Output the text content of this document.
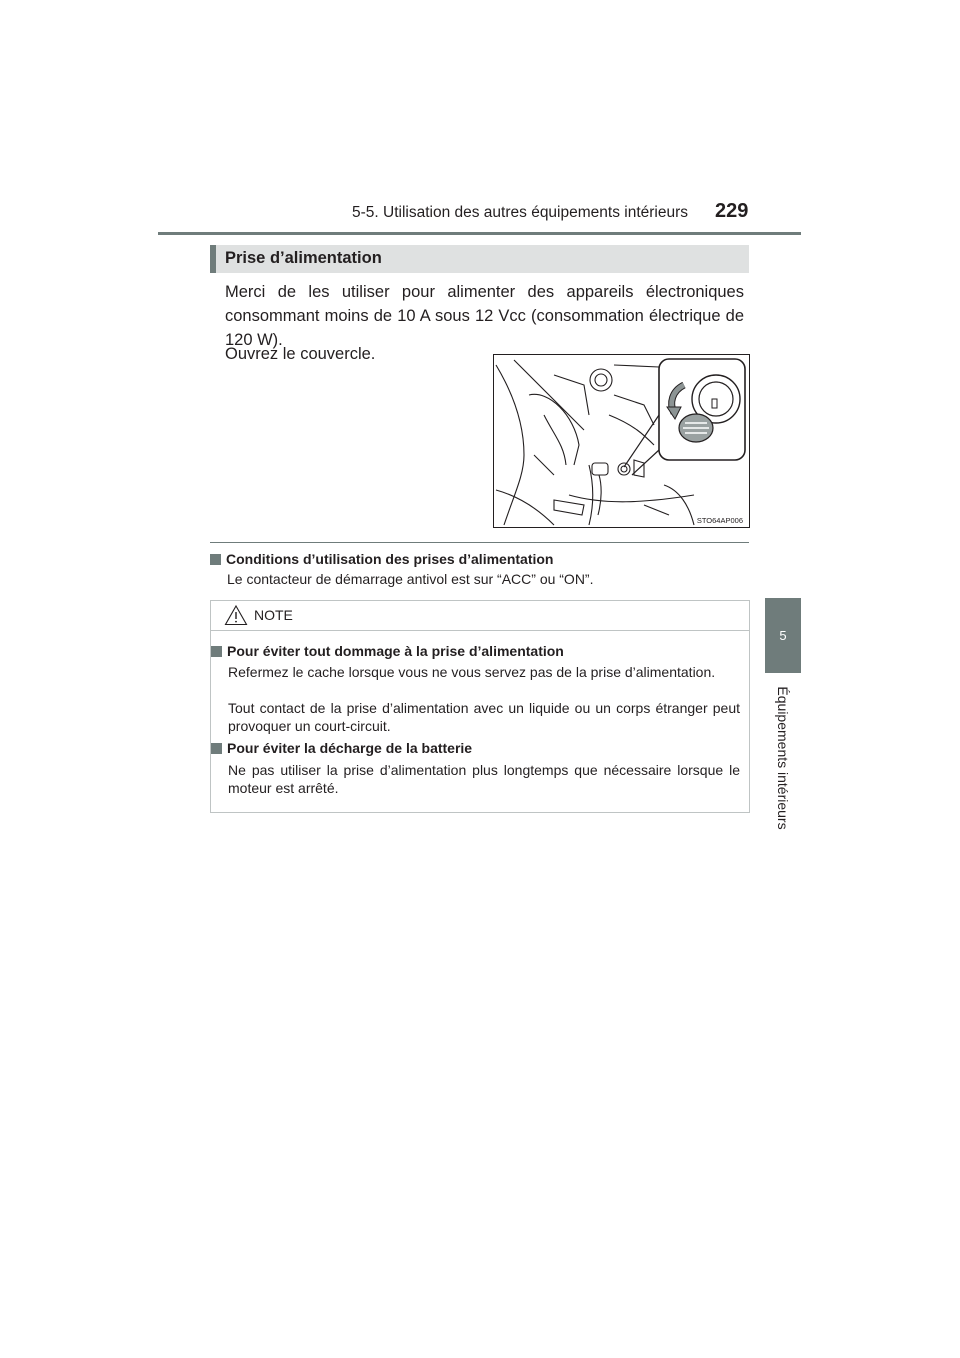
5-5. Utilisation des autres équipements intérieurs 229
5
Équipements intérieurs
Prise d’alimentation
Merci de les utiliser pour alimenter des appareils électroniques consommant moins de 10 A sous 12 Vcc (consommation électrique de 120 W).
Ouvrez le couvercle.
STO64AP006
Conditions d’utilisation des prises d’alimentation
Le contacteur de démarrage antivol est sur “ACC” ou “ON”.
NOTE
Pour éviter tout dommage à la prise d’alimentation
Refermez le cache lorsque vous ne vous servez pas de la prise d’alimentation.
Tout contact de la prise d’alimentation avec un liquide ou un corps étranger peut provoquer un court-circuit.
Pour éviter la décharge de la batterie
Ne pas utiliser la prise d’alimentation plus longtemps que nécessaire lorsque le moteur est arrêté.
